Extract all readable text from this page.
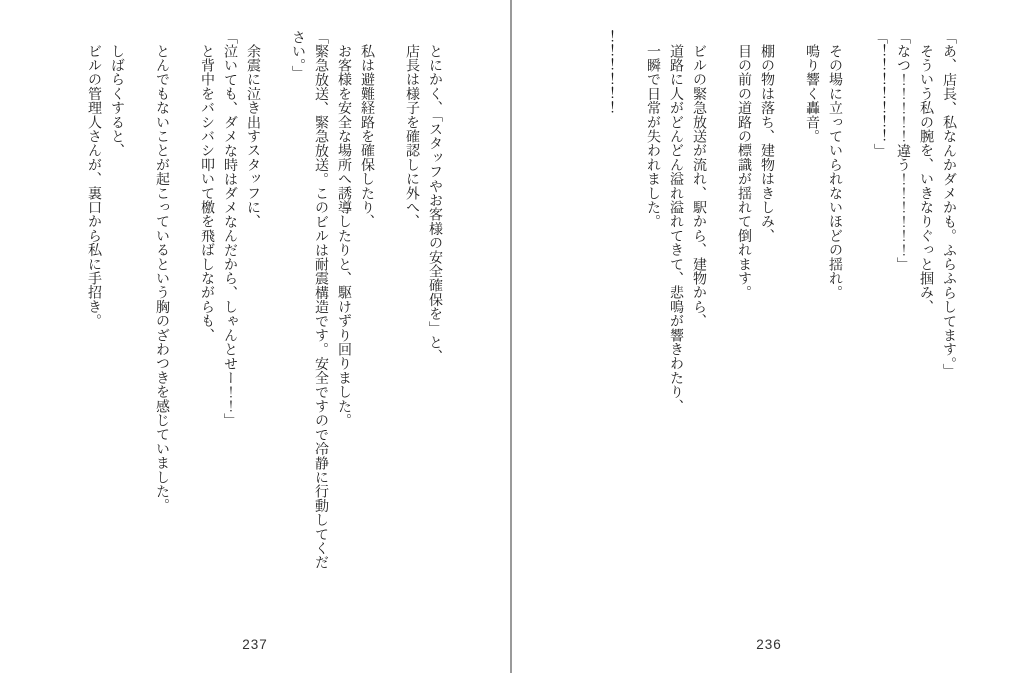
とにかく、「スタッフやお客様の安全確保を」と、

店長は様子を確認しに外へ、

私は避難経路を確保したり、

お客様を安全な場所へ誘導したりと、駆けずり回りました。

「緊急放送、緊急放送。このビルは耐震構造です。安全ですので冷静に行動してください。」

余震に泣き出すスタッフに、

「泣いても、ダメな時はダメなんだから、しゃんとせー！！」

と背中をバシバシ叩いて檄を飛ばしながらも、

とんでもないことが起こっているという胸のざわつきを感じていました。

しばらくすると、

ビルの管理人さんが、裏口から私に手招き。

237

「あ、店長、私なんかダメかも。ふらふらしてます。」

そういう私の腕を、いきなりぐっと掴み、

「なつ！！！！！違う！！！！！！」

「！！！！！！！」

その場に立っていられないほどの揺れ。

鳴り響く轟音。

棚の物は落ち、建物はきしみ、

目の前の道路の標識が揺れて倒れます。

ビルの緊急放送が流れ、駅から、建物から、

道路に人がどんどん溢れ溢れてきて、悲鳴が響きわたり、

一瞬で日常が失われました。

！！！！！！

236
